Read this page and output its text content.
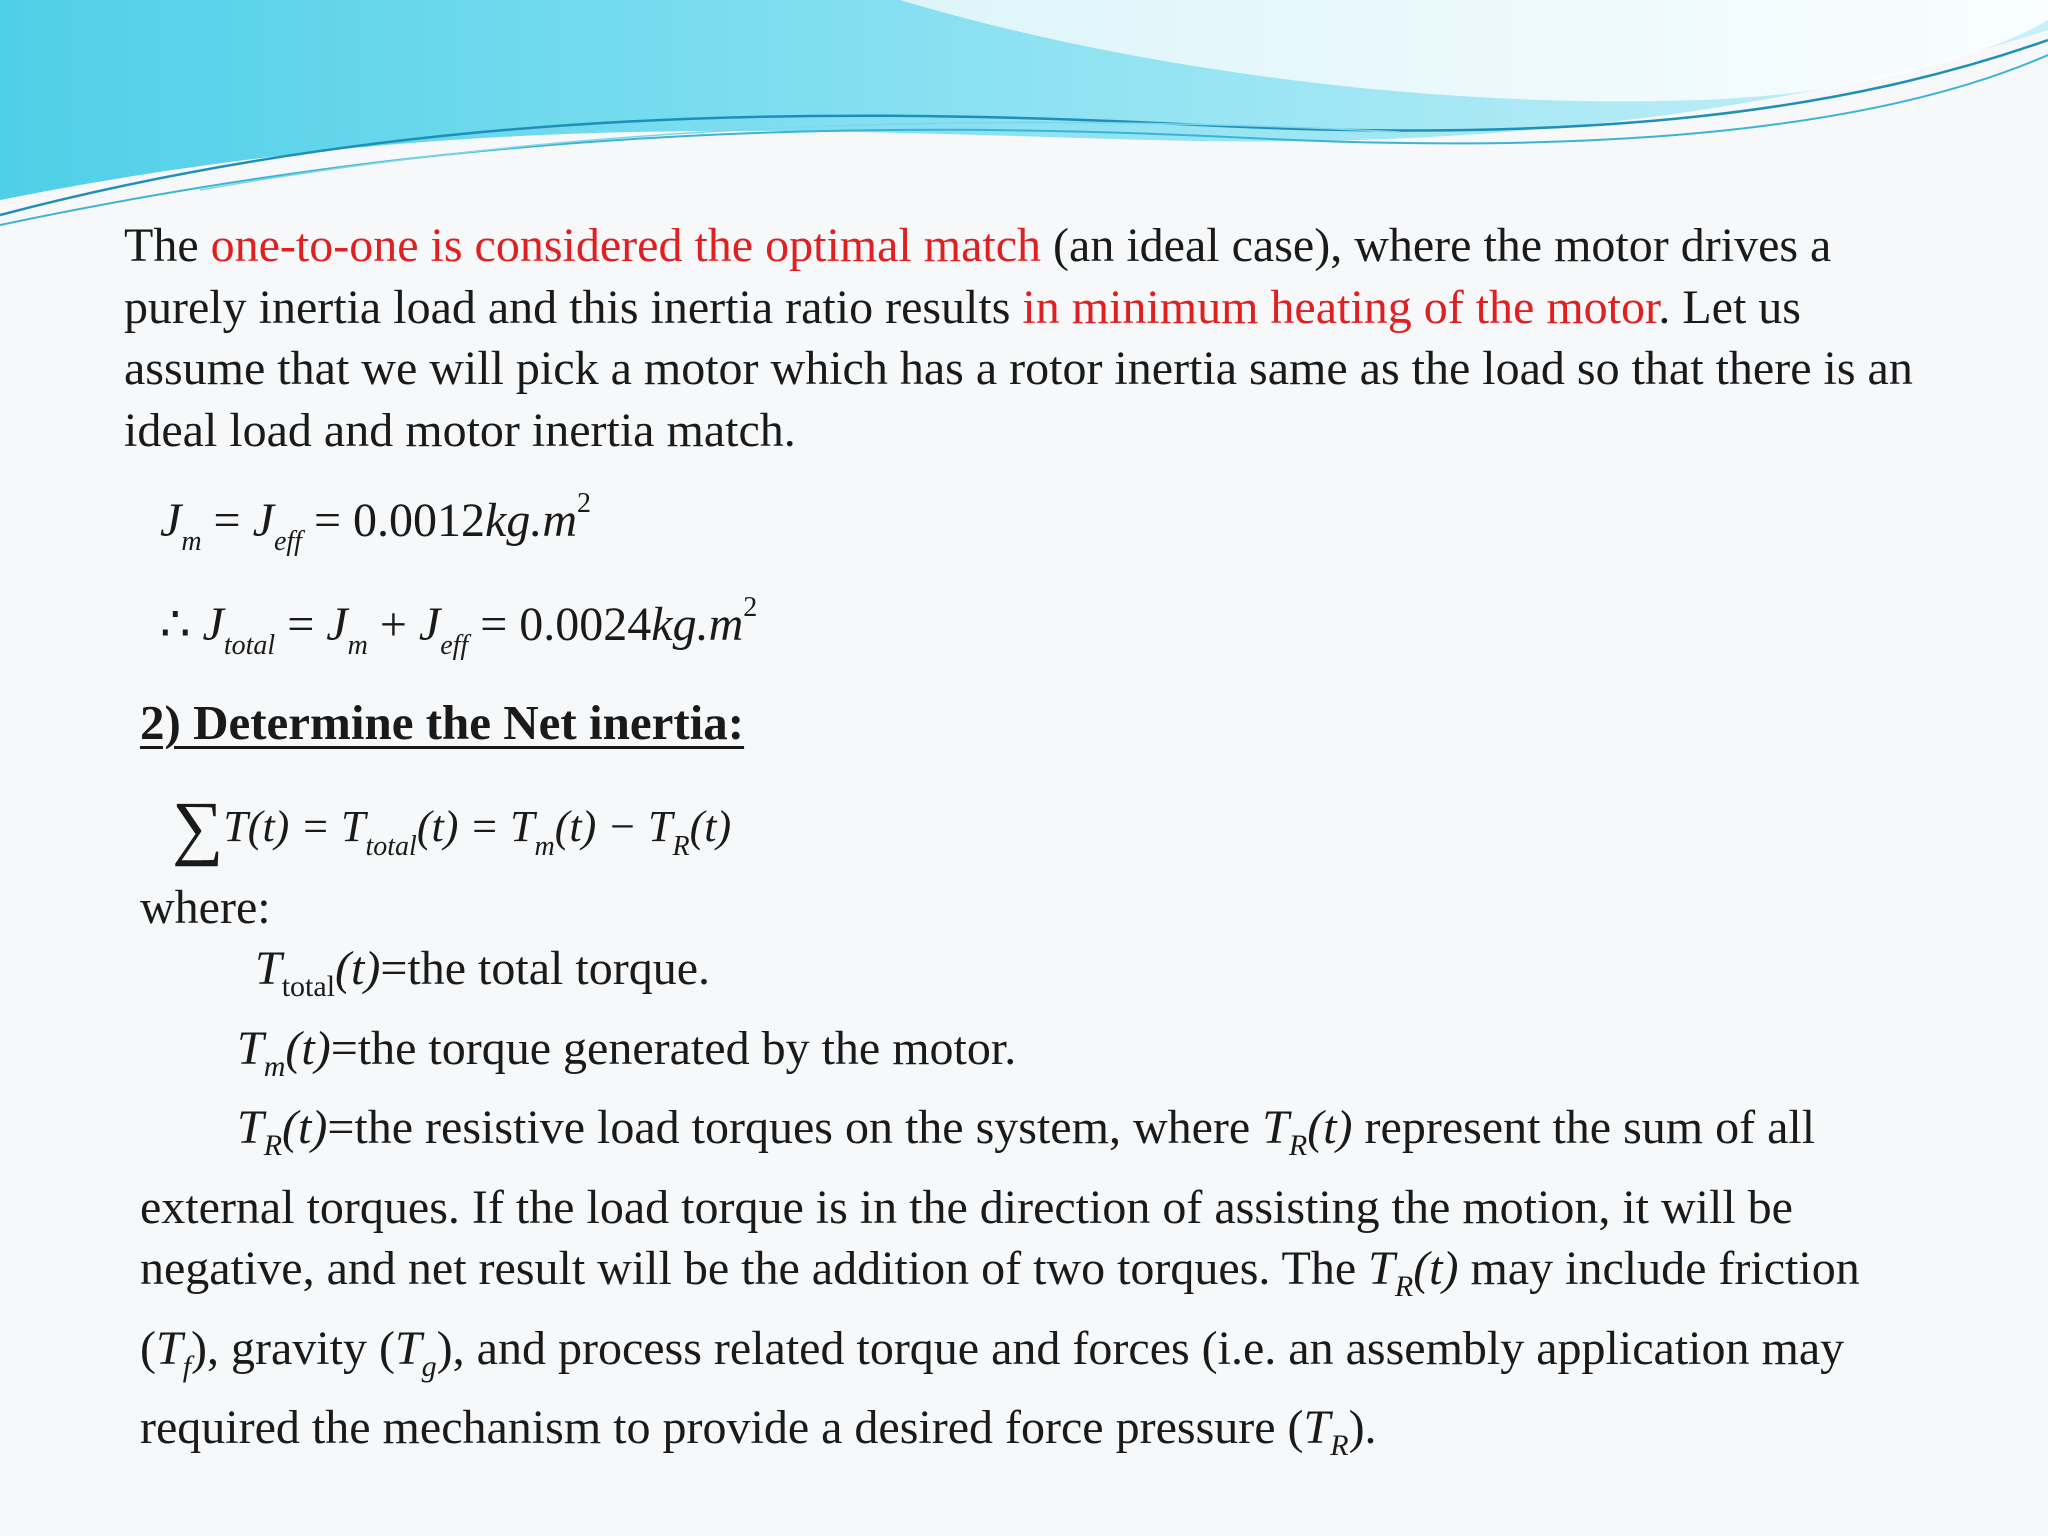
The one-to-one is considered the optimal match (an ideal case), where the motor drives a purely inertia load and this inertia ratio results in minimum heating of the motor. Let us assume that we will pick a motor which has a rotor inertia same as the load so that there is an ideal load and motor inertia match.

$J_m = J_{eff} = 0.0012kg.m^2$
∴ $J_{total} = J_m + J_{eff} = 0.0024kg.m^2$
2) Determine the Net inertia:
$\sum T(t) = T_{total}(t) = T_m(t) - T_R(t)$
where:

$T_{total}(t)=the$ total torque.
$T_m(t)=the$ torque generated by the motor.
$T_R(t)=the$ resistive load torques on the system, where $T_R(t)$ represent the sum of all external torques. If the load torque is in the direction of assisting the motion, it will be negative, and net result will be the addition of two torques. The $T_R(t)$ may include friction $(T_f)$, gravity $(T_g)$, and process related torque and forces (i.e. an assembly application may required the mechanism to provide a desired force pressure $(T_R)$.
